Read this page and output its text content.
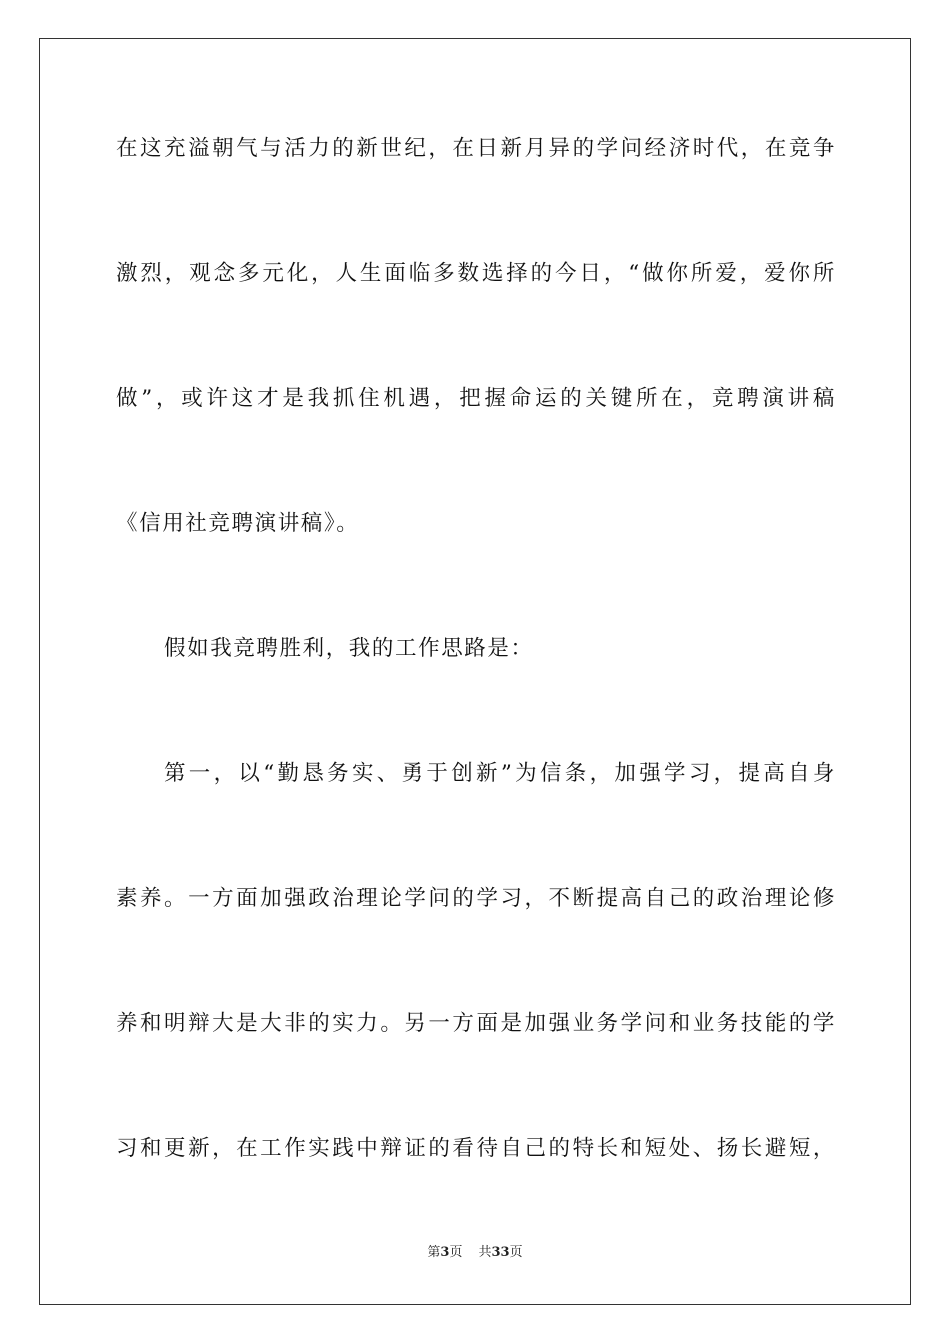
在这充溢朝气与活力的新世纪，在日新月异的学问经济时代，在竞争
激烈，观念多元化，人生面临多数选择的今日，“做你所爱，爱你所
做”，或许这才是我抓住机遇，把握命运的关键所在，竞聘演讲稿
《信用社竞聘演讲稿》。
假如我竞聘胜利，我的工作思路是：
第一，以“勤恳务实、勇于创新”为信条，加强学习，提高自身
素养。一方面加强政治理论学问的学习，不断提高自己的政治理论修
养和明辩大是大非的实力。另一方面是加强业务学问和业务技能的学
习和更新，在工作实践中辩证的看待自己的特长和短处、扬长避短，
第3页 共33页
